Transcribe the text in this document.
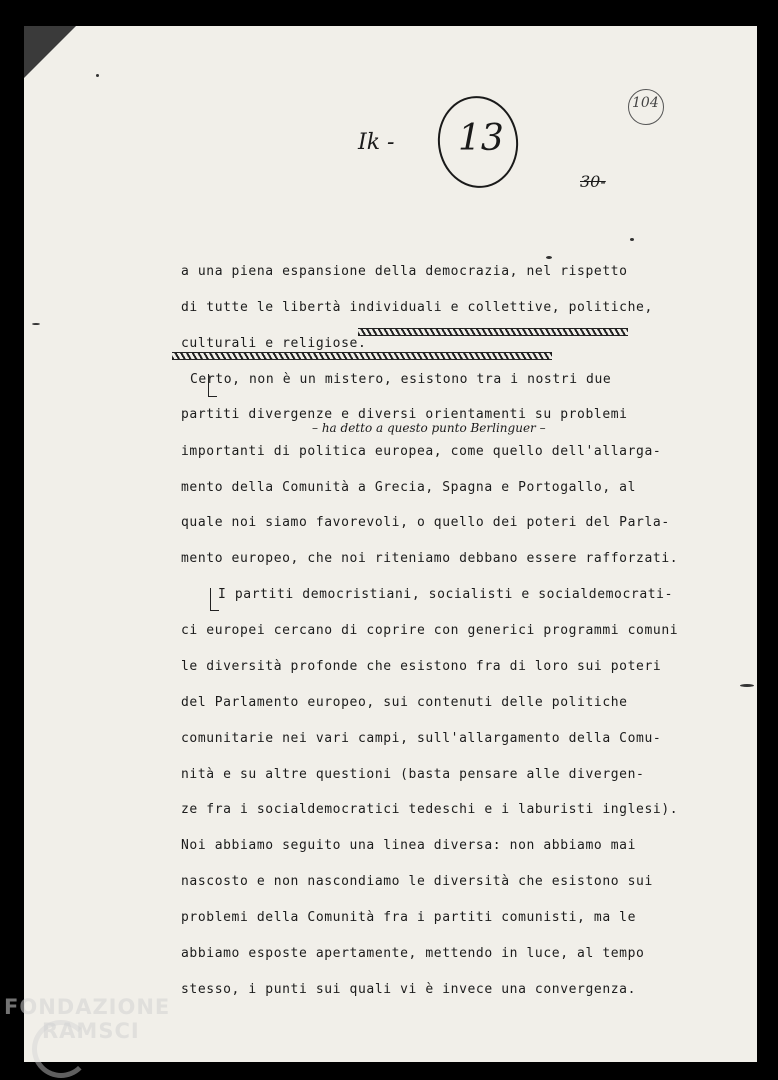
Ik - 13
104
30-
a una piena espansione della democrazia, nel rispetto
di tutte le libertà individuali e collettive, politiche,
culturali e religiose.
Certo, non è un mistero, esistono tra i nostri due
partiti divergenze e diversi orientamenti su problemi
importanti di politica europea, come quello dell'allarga-
mento della Comunità a Grecia, Spagna e Portogallo, al
quale noi siamo favorevoli, o quello dei poteri del Parla-
mento europeo, che noi riteniamo debbano essere rafforzati.
I partiti democristiani, socialisti e socialdemocrati-
ci europei cercano di coprire con generici programmi comuni
le diversità profonde che esistono fra di loro sui poteri
del Parlamento europeo, sui contenuti delle politiche
comunitarie nei vari campi, sull'allargamento della Comu-
nità e su altre questioni (basta pensare alle divergen-
ze fra i socialdemocratici tedeschi e i laburisti inglesi).
Noi abbiamo seguito una linea diversa: non abbiamo mai
nascosto e non nascondiamo le diversità che esistono sui
problemi della Comunità fra i partiti comunisti, ma le
abbiamo esposte apertamente, mettendo in luce, al tempo
stesso, i punti sui quali vi è invece una convergenza.
– ha detto a questo punto Berlinguer –
FONDAZIONE
RAMSCI
